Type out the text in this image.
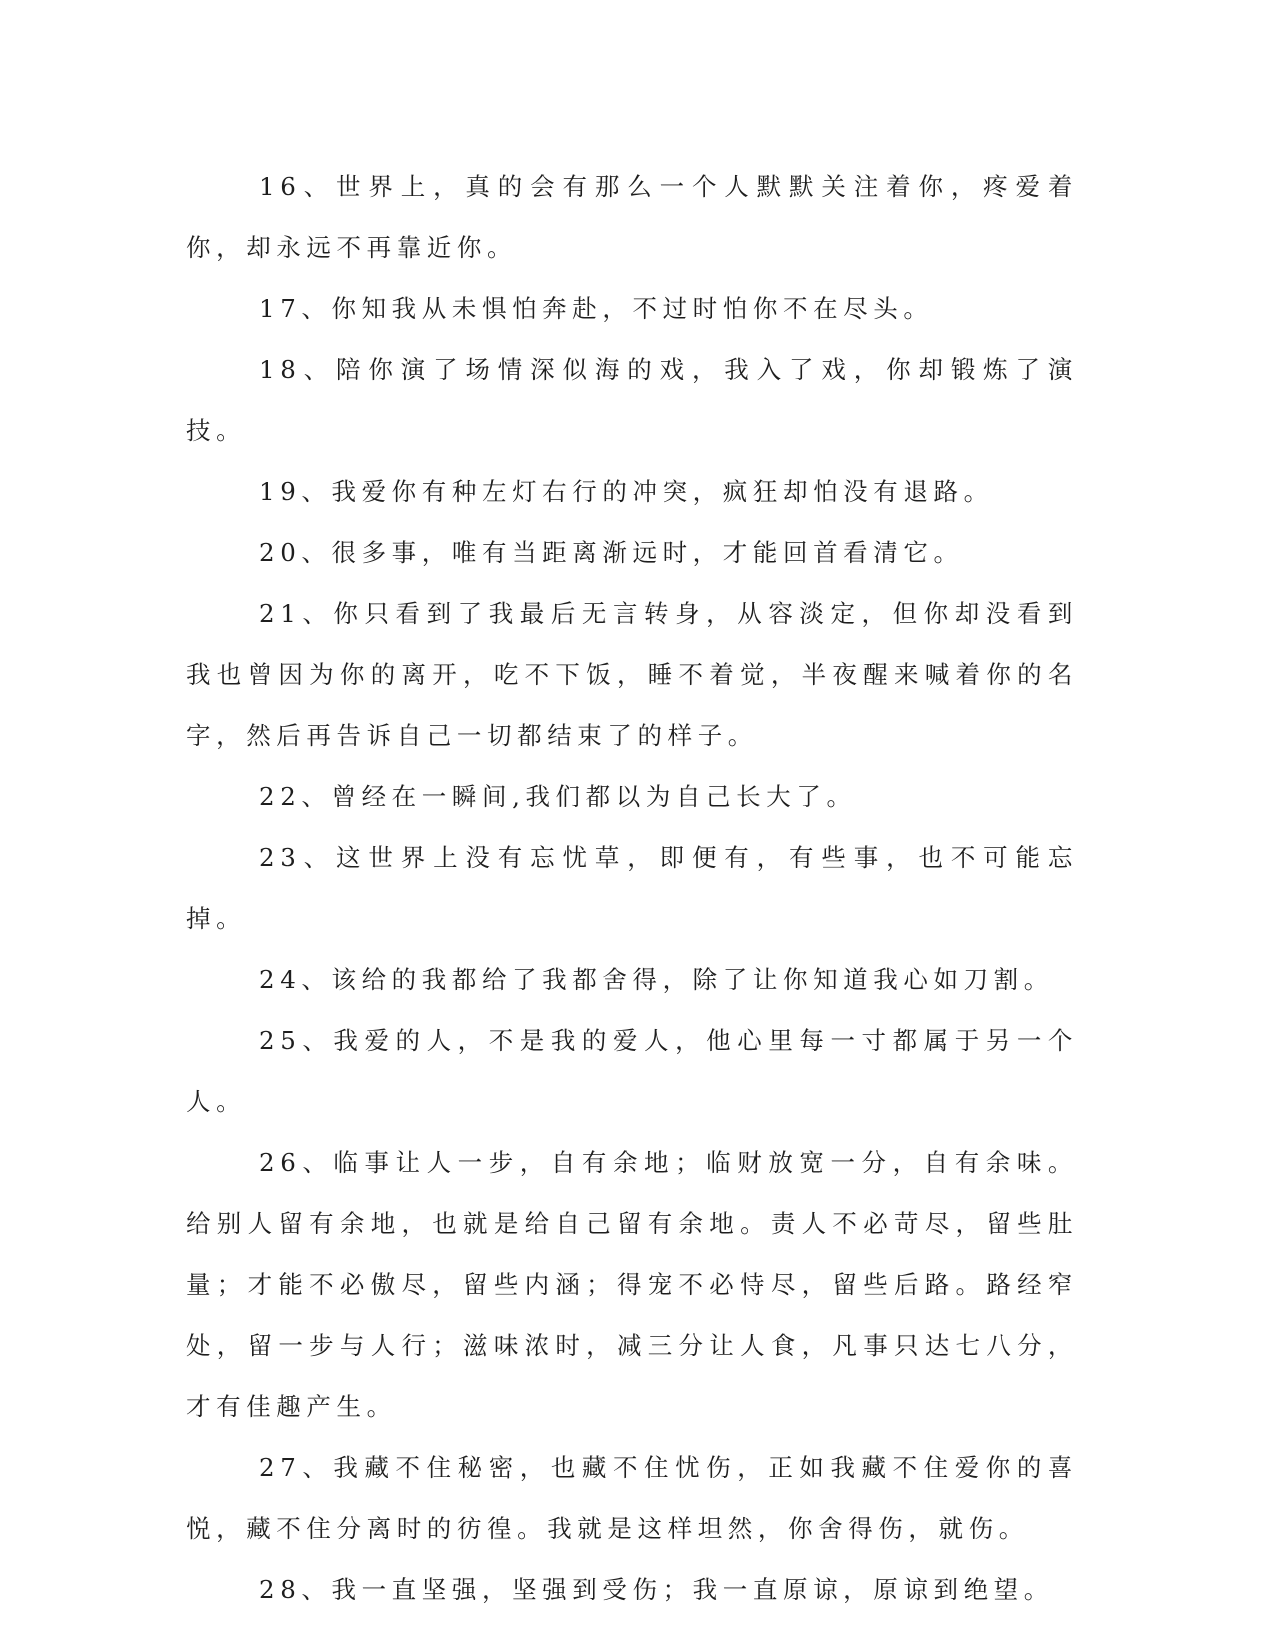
16、世界上，真的会有那么一个人默默关注着你，疼爱着你，却永远不再靠近你。

17、你知我从未惧怕奔赴，不过时怕你不在尽头。

18、陪你演了场情深似海的戏，我入了戏，你却锻炼了演技。

19、我爱你有种左灯右行的冲突，疯狂却怕没有退路。

20、很多事，唯有当距离渐远时，才能回首看清它。

21、你只看到了我最后无言转身，从容淡定，但你却没看到我也曾因为你的离开，吃不下饭，睡不着觉，半夜醒来喊着你的名字，然后再告诉自己一切都结束了的样子。

22、曾经在一瞬间,我们都以为自己长大了。

23、这世界上没有忘忧草，即便有，有些事，也不可能忘掉。

24、该给的我都给了我都舍得，除了让你知道我心如刀割。

25、我爱的人，不是我的爱人，他心里每一寸都属于另一个人。

26、临事让人一步，自有余地；临财放宽一分，自有余味。给别人留有余地，也就是给自己留有余地。责人不必苛尽，留些肚量；才能不必傲尽，留些内涵；得宠不必恃尽，留些后路。路经窄处，留一步与人行；滋味浓时，减三分让人食，凡事只达七八分，才有佳趣产生。

27、我藏不住秘密，也藏不住忧伤，正如我藏不住爱你的喜悦，藏不住分离时的彷徨。我就是这样坦然，你舍得伤，就伤。

28、我一直坚强，坚强到受伤；我一直原谅，原谅到绝望。
